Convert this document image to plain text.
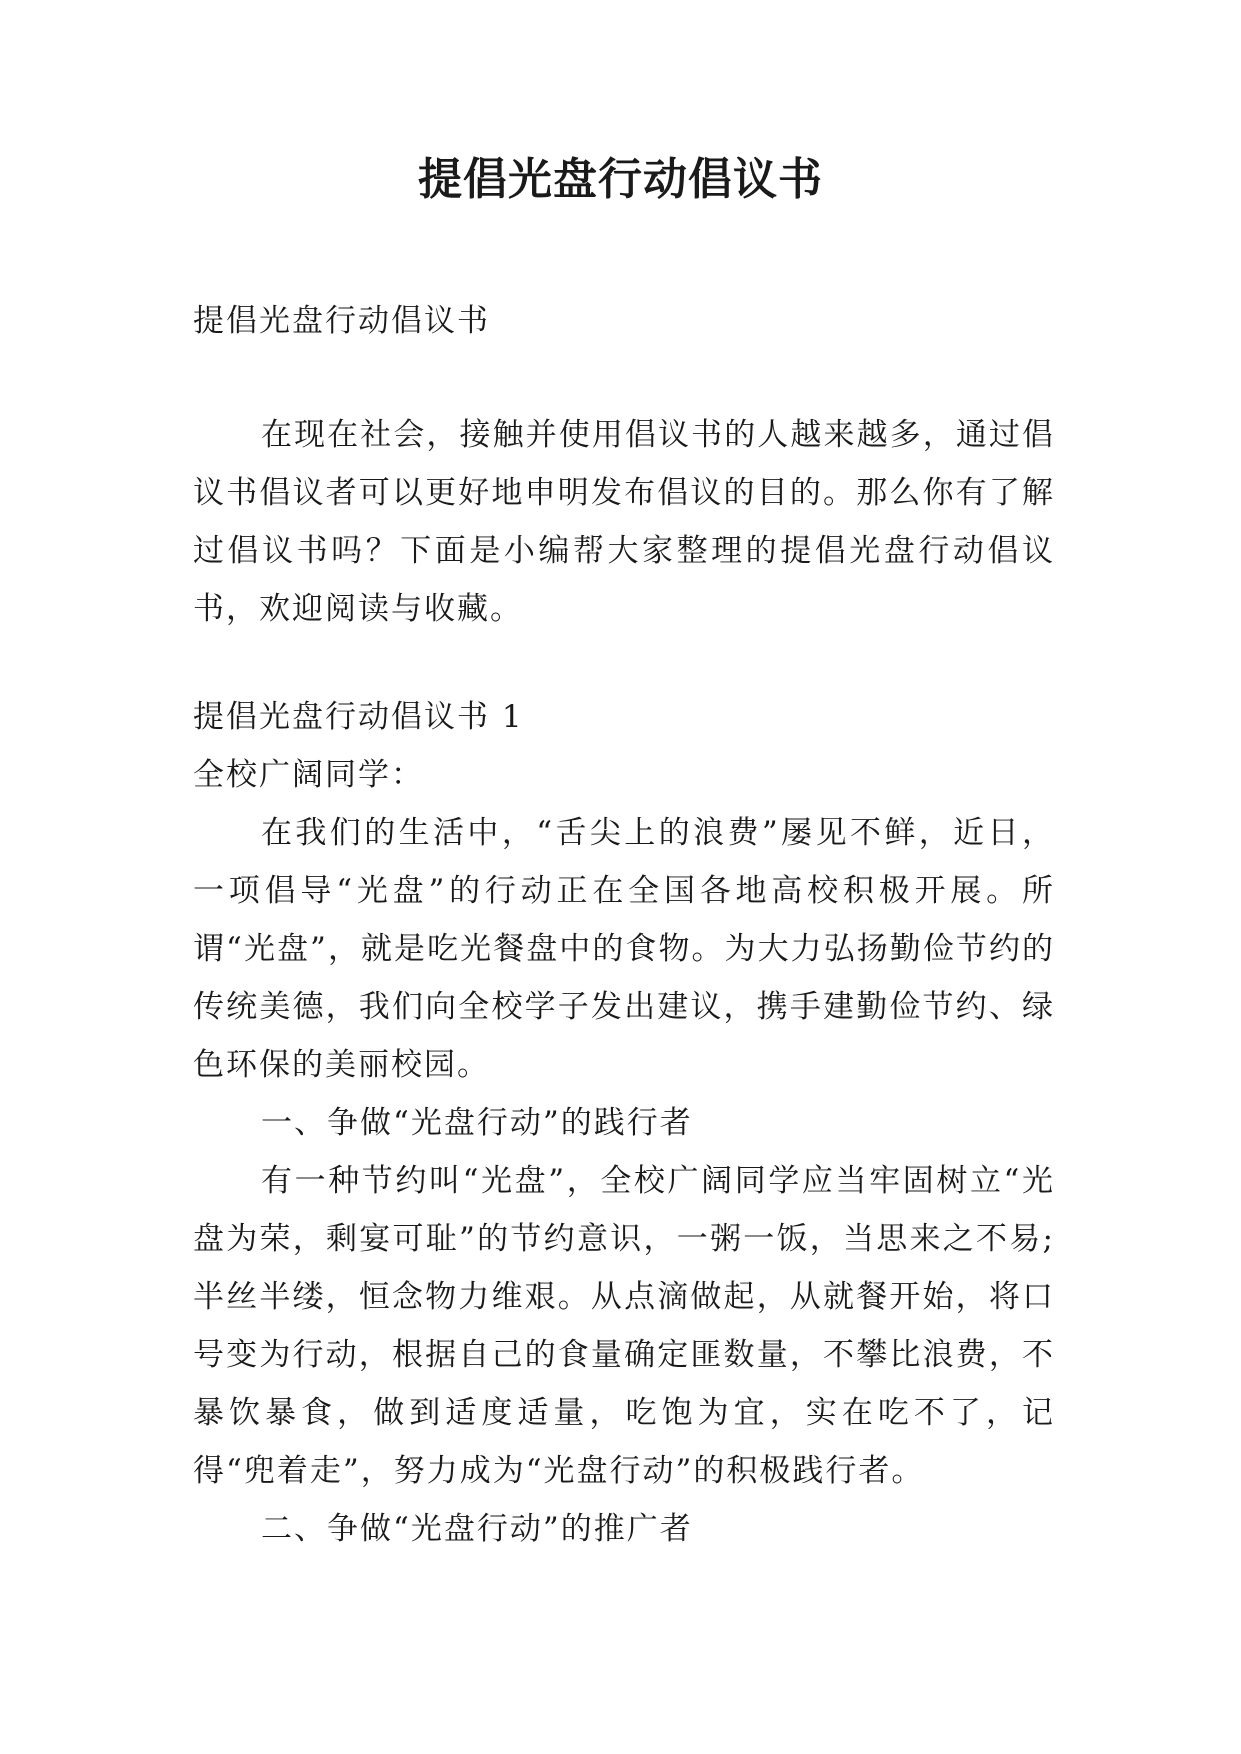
提倡光盘行动倡议书

提倡光盘行动倡议书

在现在社会，接触并使用倡议书的人越来越多，通过倡议书倡议者可以更好地申明发布倡议的目的。那么你有了解过倡议书吗？下面是小编帮大家整理的提倡光盘行动倡议书，欢迎阅读与收藏。

提倡光盘行动倡议书 1

全校广阔同学：

在我们的生活中，“舌尖上的浪费”屡见不鲜，近日，一项倡导“光盘”的行动正在全国各地高校积极开展。所谓“光盘”，就是吃光餐盘中的食物。为大力弘扬勤俭节约的传统美德，我们向全校学子发出建议，携手建勤俭节约、绿色环保的美丽校园。

一、争做“光盘行动”的践行者

有一种节约叫“光盘”，全校广阔同学应当牢固树立“光盘为荣，剩宴可耻”的节约意识，一粥一饭，当思来之不易;半丝半缕，恒念物力维艰。从点滴做起，从就餐开始，将口号变为行动，根据自己的食量确定匪数量，不攀比浪费，不暴饮暴食，做到适度适量，吃饱为宜，实在吃不了，记得“兜着走”，努力成为“光盘行动”的积极践行者。

二、争做“光盘行动”的推广者
